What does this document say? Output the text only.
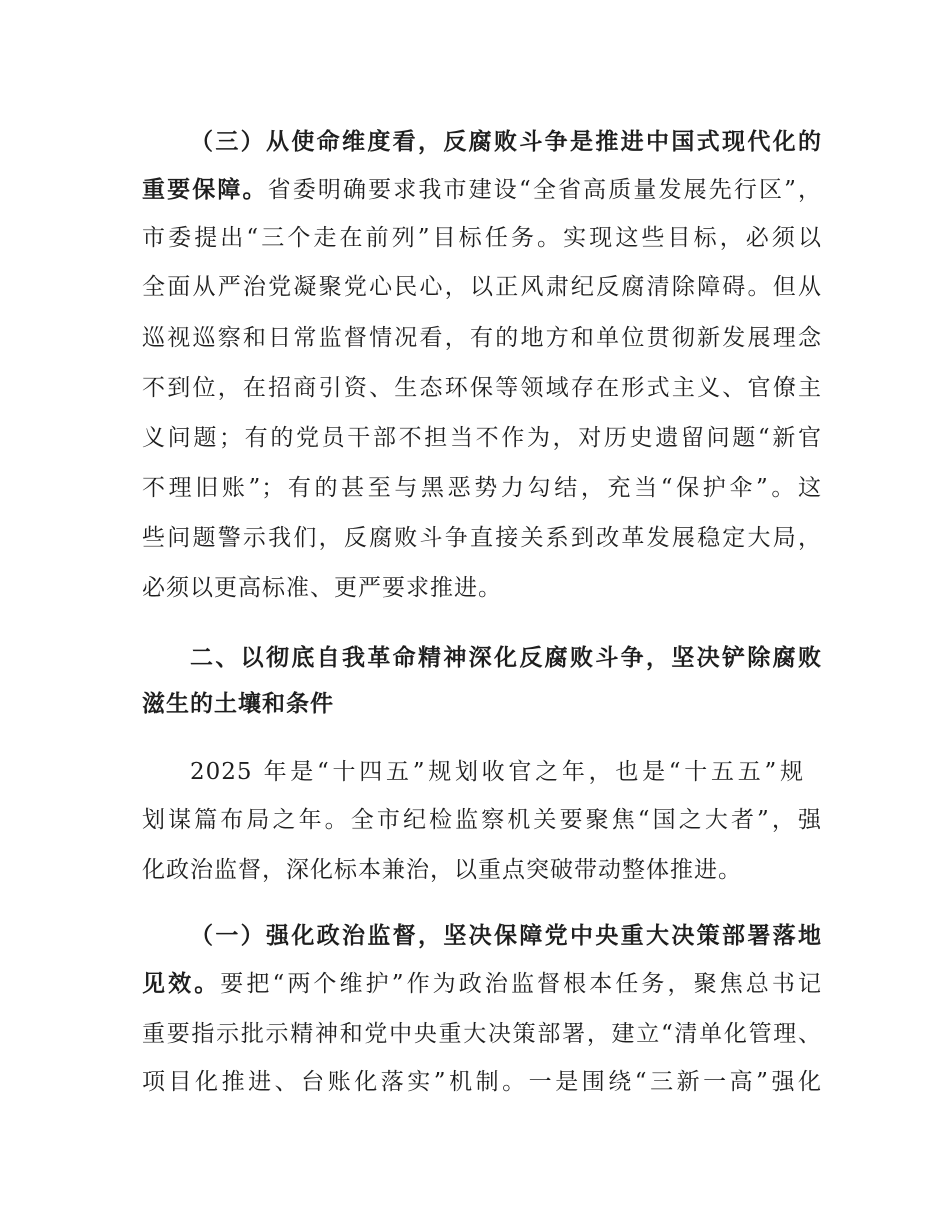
（三）从使命维度看，反腐败斗争是推进中国式现代化的
重要保障。省委明确要求我市建设“全省高质量发展先行区”，
市委提出“三个走在前列”目标任务。实现这些目标，必须以
全面从严治党凝聚党心民心，以正风肃纪反腐清除障碍。但从
巡视巡察和日常监督情况看，有的地方和单位贯彻新发展理念
不到位，在招商引资、生态环保等领域存在形式主义、官僚主
义问题；有的党员干部不担当不作为，对历史遗留问题“新官
不理旧账”；有的甚至与黑恶势力勾结，充当“保护伞”。这
些问题警示我们，反腐败斗争直接关系到改革发展稳定大局，
必须以更高标准、更严要求推进。
二、以彻底自我革命精神深化反腐败斗争，坚决铲除腐败
滋生的土壤和条件
2025 年是“十四五”规划收官之年，也是“十五五”规
划谋篇布局之年。全市纪检监察机关要聚焦“国之大者”，强
化政治监督，深化标本兼治，以重点突破带动整体推进。
（一）强化政治监督，坚决保障党中央重大决策部署落地
见效。要把“两个维护”作为政治监督根本任务，聚焦总书记
重要指示批示精神和党中央重大决策部署，建立“清单化管理、
项目化推进、台账化落实”机制。一是围绕“三新一高”强化
